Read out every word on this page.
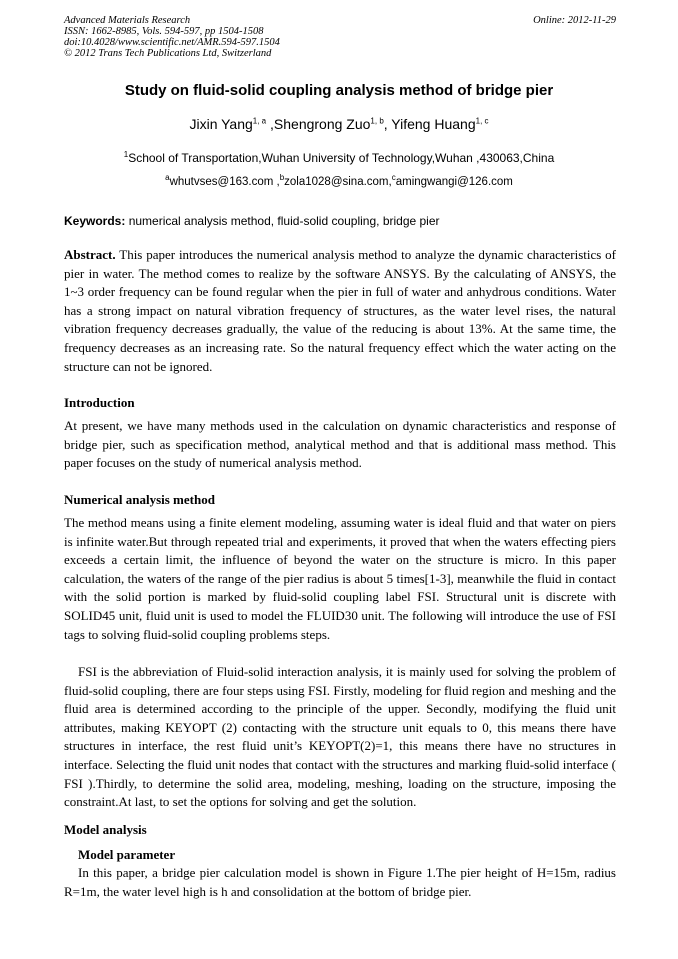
Advanced Materials Research	Online: 2012-11-29
ISSN: 1662-8985, Vols. 594-597, pp 1504-1508
doi:10.4028/www.scientific.net/AMR.594-597.1504
© 2012 Trans Tech Publications Ltd, Switzerland
Study on fluid-solid coupling analysis method of bridge pier
Jixin Yang$^{1, a}$ ,Shengrong Zuo$^{1, b}$, Yifeng Huang$^{1, c}$
$^1$School of Transportation,Wuhan University of Technology,Wuhan ,430063,China
$^a$whutvses@163.com ,$^b$zola1028@sina.com,$^c$amingwangi@126.com
Keywords: numerical analysis method, fluid-solid coupling, bridge pier
Abstract. This paper introduces the numerical analysis method to analyze the dynamic characteristics of pier in water. The method comes to realize by the software ANSYS. By the calculating of ANSYS, the 1~3 order frequency can be found regular when the pier in full of water and anhydrous conditions. Water has a strong impact on natural vibration frequency of structures, as the water level rises, the natural vibration frequency decreases gradually, the value of the reducing is about 13%. At the same time, the frequency decreases as an increasing rate. So the natural frequency effect which the water acting on the structure can not be ignored.
Introduction
At present, we have many methods used in the calculation on dynamic characteristics and response of bridge pier, such as specification method, analytical method and that is additional mass method. This paper focuses on the study of numerical analysis method.
Numerical analysis method
The method means using a finite element modeling, assuming water is ideal fluid and that water on piers is infinite water.But through repeated trial and experiments, it proved that when the waters effecting piers exceeds a certain limit, the influence of beyond the water on the structure is micro. In this paper calculation, the waters of the range of the pier radius is about 5 times[1-3], meanwhile the fluid in contact with the solid portion is marked by fluid-solid coupling label FSI. Structural unit is discrete with SOLID45 unit, fluid unit is used to model the FLUID30 unit. The following will introduce the use of FSI tags to solving fluid-solid coupling problems steps.
FSI is the abbreviation of Fluid-solid interaction analysis, it is mainly used for solving the problem of fluid-solid coupling, there are four steps using FSI. Firstly, modeling for fluid region and meshing and the fluid area is determined according to the principle of the upper. Secondly, modifying the fluid unit attributes, making KEYOPT (2) contacting with the structure unit equals to 0, this means there have structures in interface, the rest fluid unit’s KEYOPT(2)=1, this means there have no structures in interface. Selecting the fluid unit nodes that contact with the structures and marking fluid-solid interface ( FSI ).Thirdly, to determine the solid area, modeling, meshing, loading on the structure, imposing the constraint.At last, to set the options for solving and get the solution.
Model analysis
Model parameter
In this paper, a bridge pier calculation model is shown in Figure 1.The pier height of H=15m, radius R=1m, the water level high is h and consolidation at the bottom of bridge pier.
